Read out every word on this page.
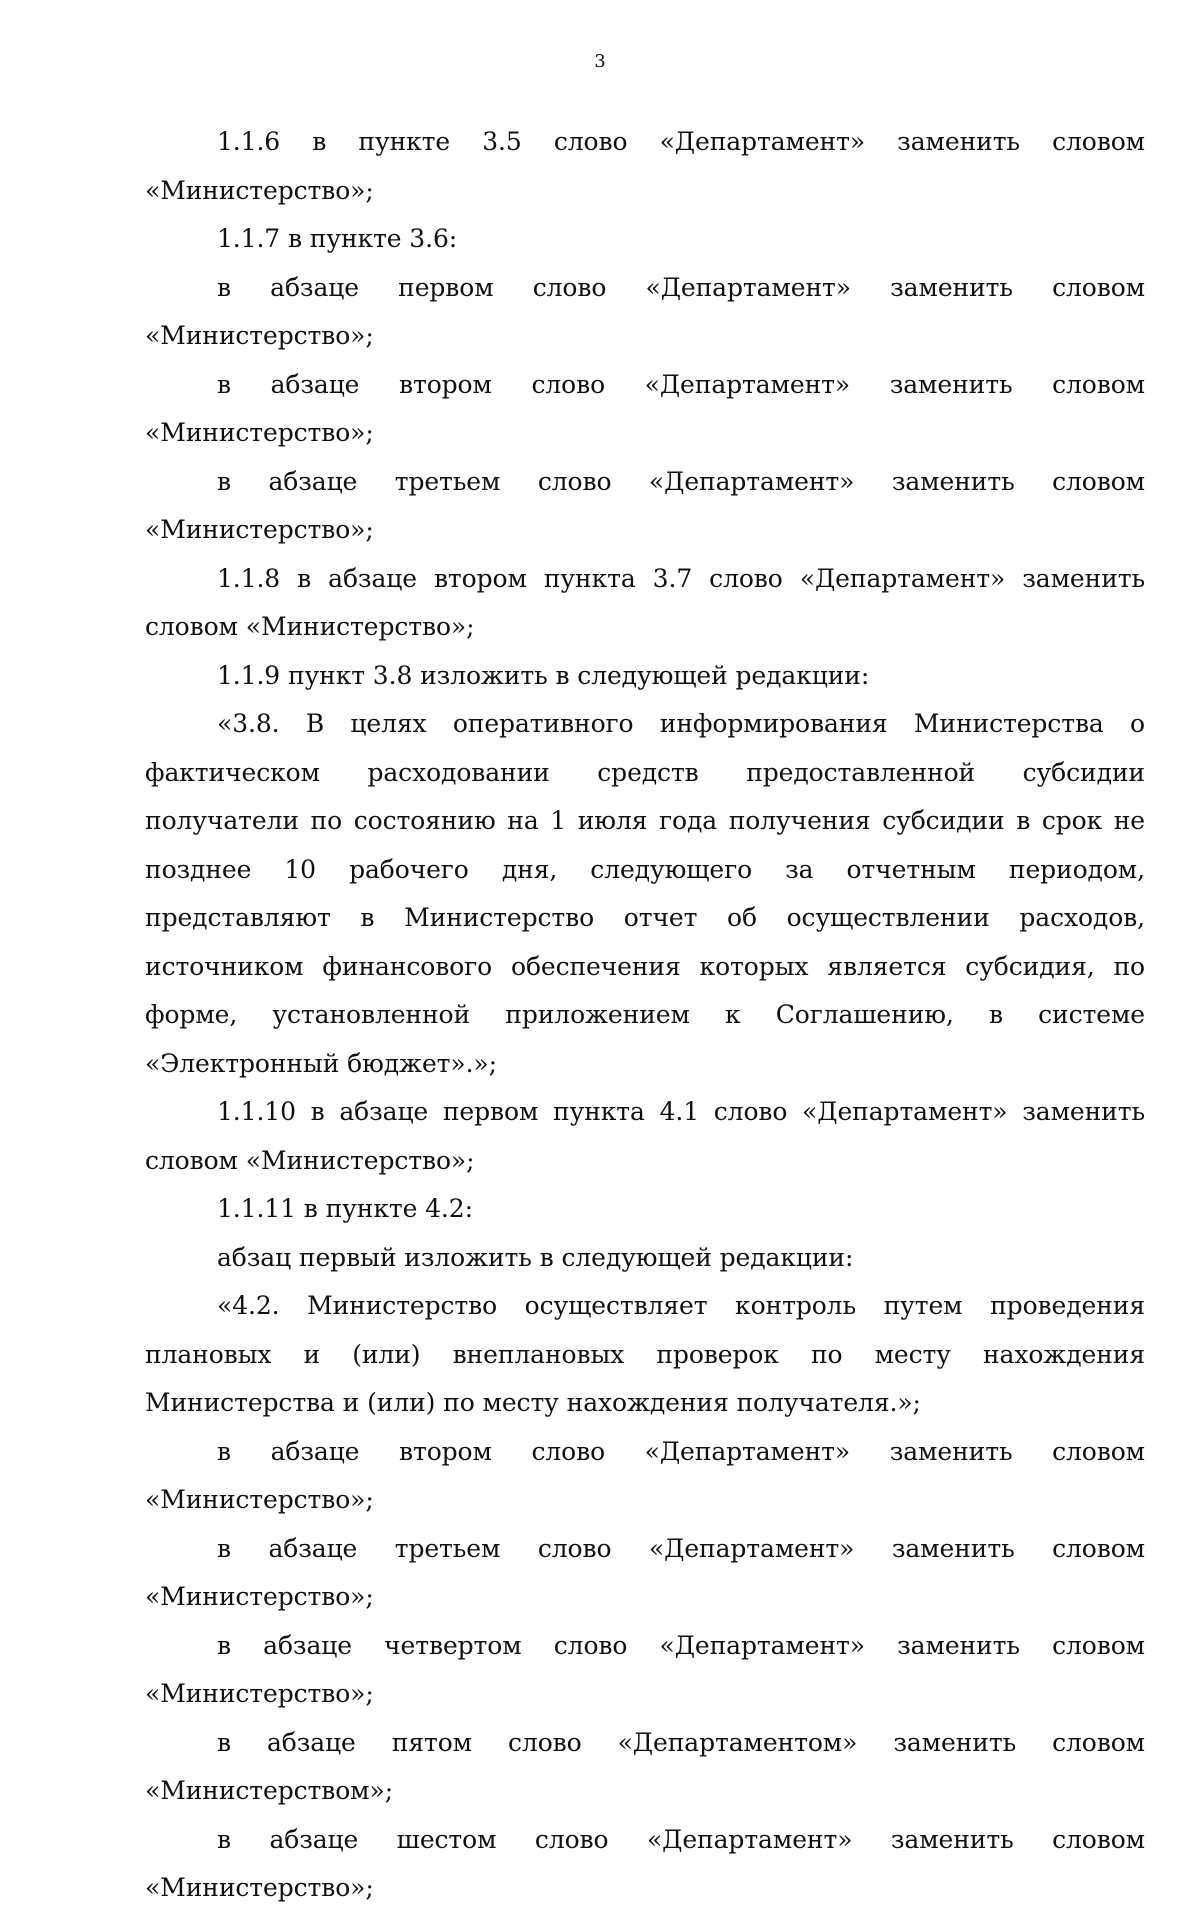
3

1.1.6 в пункте 3.5 слово «Департамент» заменить словом «Министерство»;

1.1.7 в пункте 3.6:

в абзаце первом слово «Департамент» заменить словом «Министерство»;

в абзаце втором слово «Департамент» заменить словом «Министерство»;

в абзаце третьем слово «Департамент» заменить словом «Министерство»;

1.1.8 в абзаце втором пункта 3.7 слово «Департамент» заменить словом «Министерство»;

1.1.9 пункт 3.8 изложить в следующей редакции:

«3.8. В целях оперативного информирования Министерства о фактическом расходовании средств предоставленной субсидии получатели по состоянию на 1 июля года получения субсидии в срок не позднее 10 рабочего дня, следующего за отчетным периодом, представляют в Министерство отчет об осуществлении расходов, источником финансового обеспечения которых является субсидия, по форме, установленной приложением к Соглашению, в системе «Электронный бюджет».»;

1.1.10 в абзаце первом пункта 4.1 слово «Департамент» заменить словом «Министерство»;

1.1.11 в пункте 4.2:

абзац первый изложить в следующей редакции:

«4.2. Министерство осуществляет контроль путем проведения плановых и (или) внеплановых проверок по месту нахождения Министерства и (или) по месту нахождения получателя.»;

в абзаце втором слово «Департамент» заменить словом «Министерство»;

в абзаце третьем слово «Департамент» заменить словом «Министерство»;

в абзаце четвертом слово «Департамент» заменить словом «Министерство»;

в абзаце пятом слово «Департаментом» заменить словом «Министерством»;

в абзаце шестом слово «Департамент» заменить словом «Министерство»;
